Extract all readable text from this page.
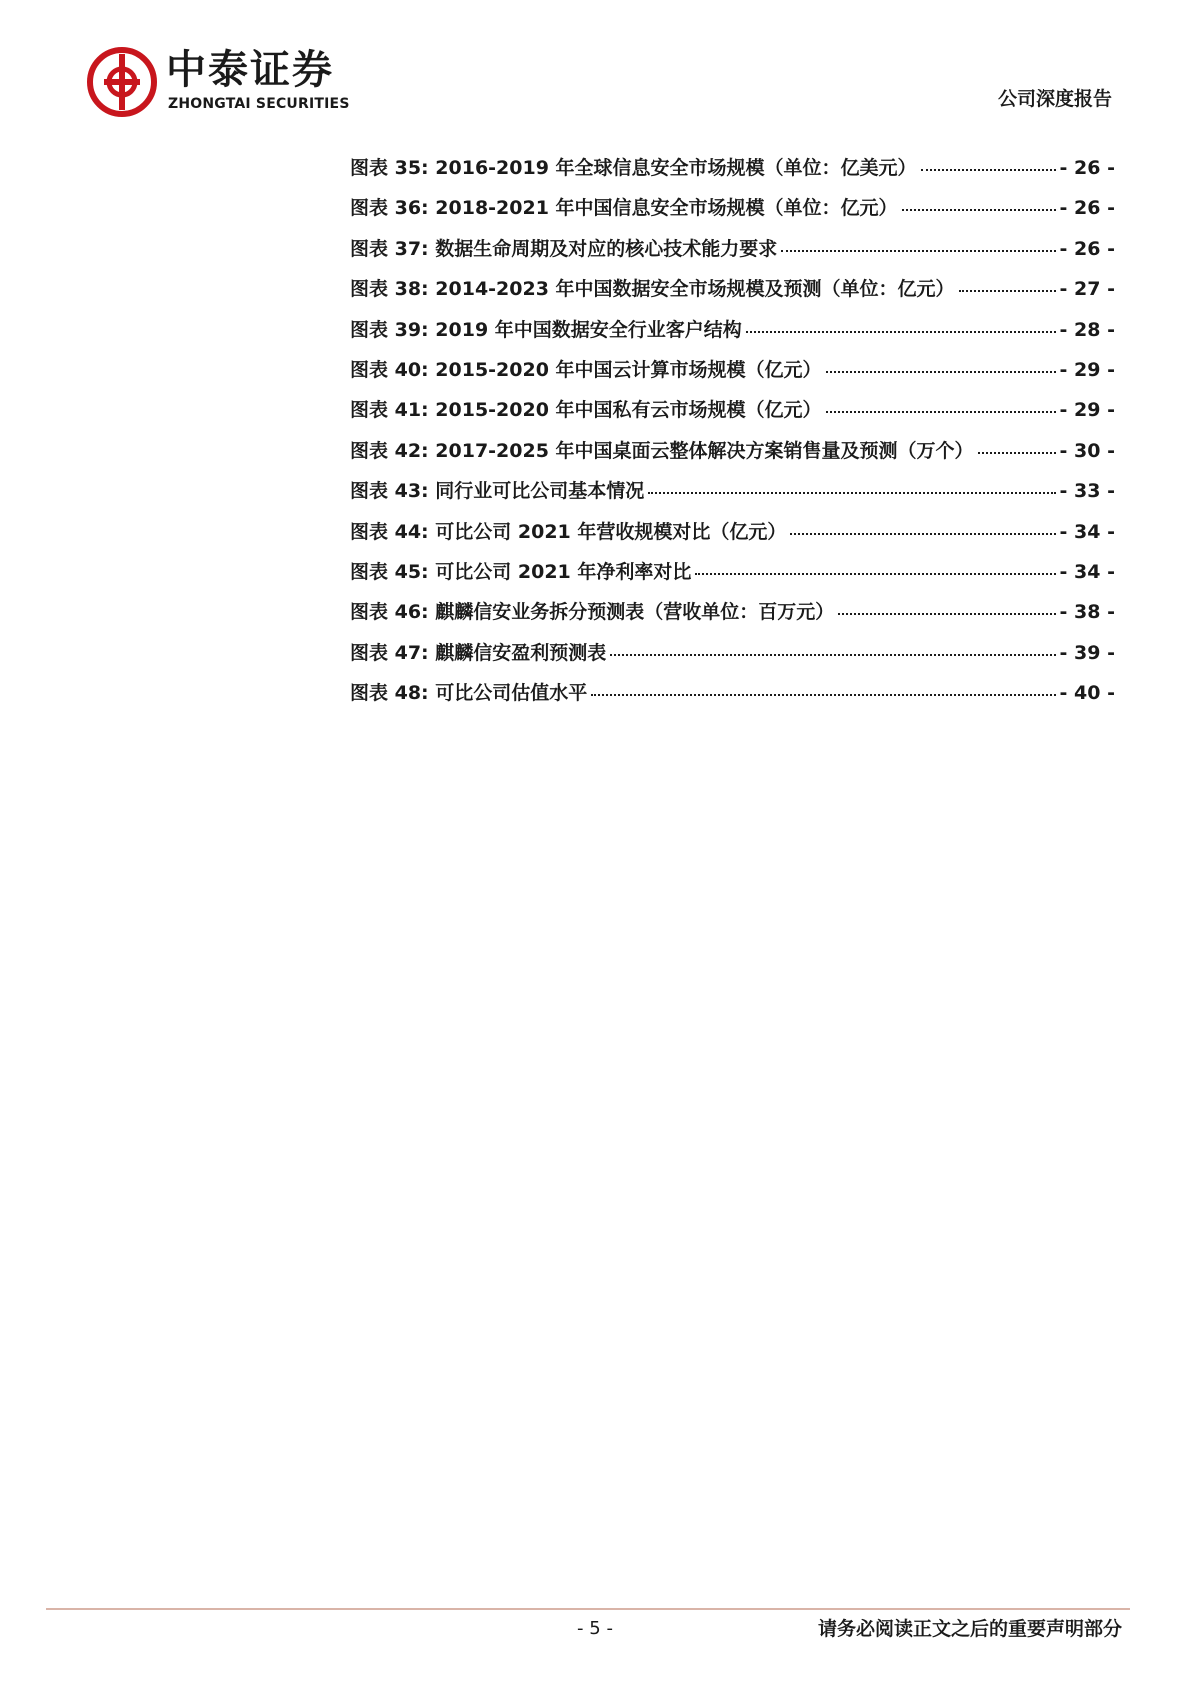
中泰证券
ZHONGTAI SECURITIES	公司深度报告
图表 35:
2016-2019 年全球信息安全市场规模（单位：亿美元）	- 26 -
图表 36:
2018-2021 年中国信息安全市场规模（单位：亿元）	- 26 -
图表 37:
数据生命周期及对应的核心技术能力要求	- 26 -
图表 38:
2014-2023 年中国数据安全市场规模及预测（单位：亿元）	- 27 -
图表 39:
2019 年中国数据安全行业客户结构	- 28 -
图表 40:
2015-2020 年中国云计算市场规模（亿元）	- 29 -
图表 41:
2015-2020 年中国私有云市场规模（亿元）	- 29 -
图表 42:
2017-2025 年中国桌面云整体解决方案销售量及预测（万个）	- 30 -
图表 43:
同行业可比公司基本情况	- 33 -
图表 44:
可比公司 2021 年营收规模对比（亿元）	- 34 -
图表 45:
可比公司 2021 年净利率对比	- 34 -
图表 46:
麒麟信安业务拆分预测表（营收单位：百万元）	- 38 -
图表 47:
麒麟信安盈利预测表	- 39 -
图表 48:
可比公司估值水平	- 40 -
- 5 -	请务必阅读正文之后的重要声明部分
